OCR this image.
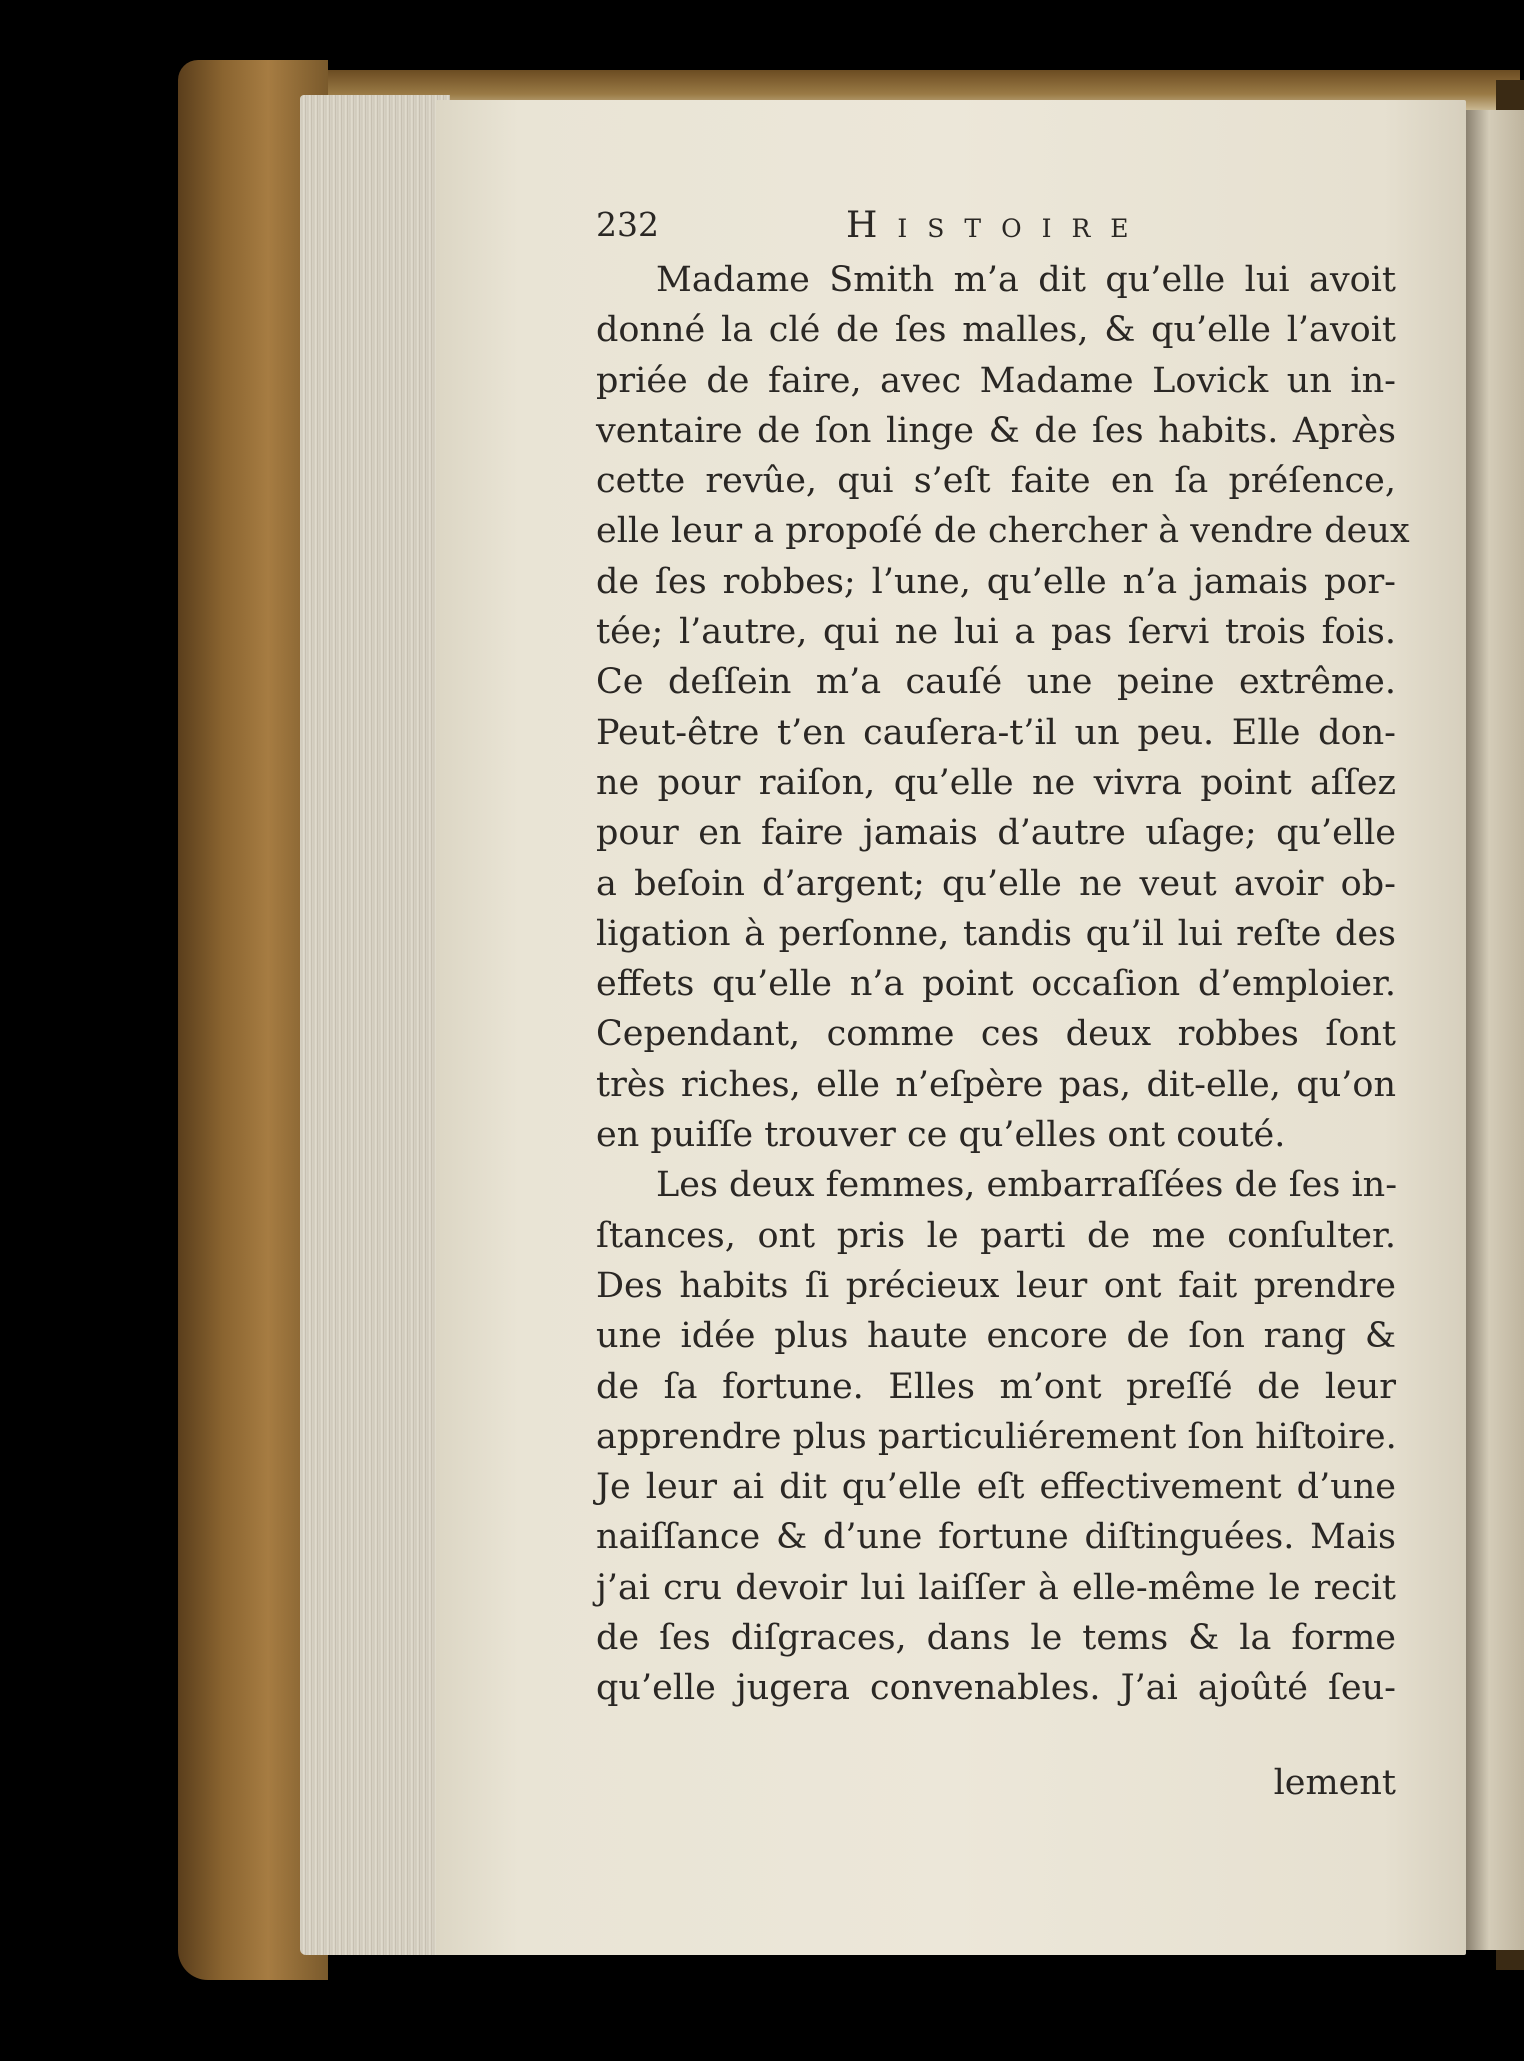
232	Histoire
Madame Smith m’a dit qu’elle lui avoit
donné la clé de ſes malles, & qu’elle l’avoit
priée de faire, avec Madame Lovick un in-
ventaire de ſon linge & de ſes habits. Après
cette revûe, qui s’eſt faite en ſa préſence,
elle leur a propoſé de chercher à vendre deux
de ſes robbes; l’une, qu’elle n’a jamais por-
tée; l’autre, qui ne lui a pas ſervi trois fois.
Ce deſſein m’a cauſé une peine extrême.
Peut-être t’en cauſera-t’il un peu. Elle don-
ne pour raiſon, qu’elle ne vivra point aſſez
pour en faire jamais d’autre uſage; qu’elle
a beſoin d’argent; qu’elle ne veut avoir ob-
ligation à perſonne, tandis qu’il lui reſte des
effets qu’elle n’a point occaſion d’emploier.
Cependant, comme ces deux robbes ſont
très riches, elle n’eſpère pas, dit-elle, qu’on
en puiſſe trouver ce qu’elles ont couté.
Les deux femmes, embarraſſées de ſes in-
ſtances, ont pris le parti de me conſulter.
Des habits ſi précieux leur ont fait prendre
une idée plus haute encore de ſon rang &
de ſa fortune. Elles m’ont preſſé de leur
apprendre plus particuliérement ſon hiſtoire.
Je leur ai dit qu’elle eſt effectivement d’une
naiſſance & d’une fortune diſtinguées. Mais
j’ai cru devoir lui laiſſer à elle-même le recit
de ſes diſgraces, dans le tems & la forme
qu’elle jugera convenables. J’ai ajoûté ſeu-
lement
